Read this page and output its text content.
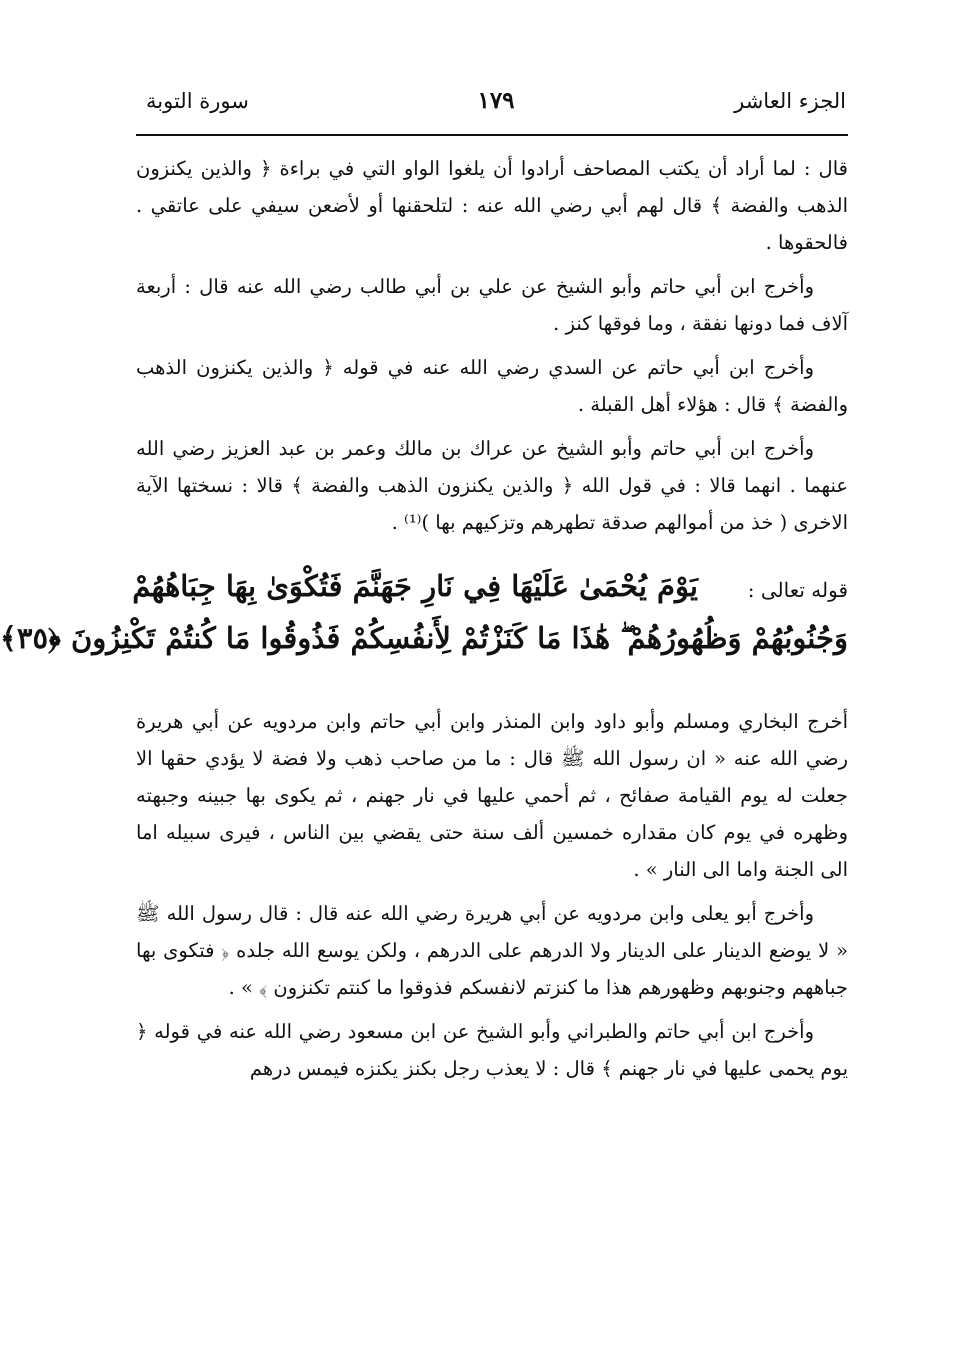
الجزء العاشر
١٧٩
سورة التوبة

قال : لما أراد أن يكتب المصاحف أرادوا أن يلغوا الواو التي في براءة ﴿ والذين يكنزون الذهب والفضة ﴾ قال لهم أبي رضي الله عنه : لتلحقنها أو لأضعن سيفي على عاتقي . فالحقوها .

وأخرج ابن أبي حاتم وأبو الشيخ عن علي بن أبي طالب رضي الله عنه قال : أربعة آلاف فما دونها نفقة ، وما فوقها كنز .

وأخرج ابن أبي حاتم عن السدي رضي الله عنه في قوله ﴿ والذين يكنزون الذهب والفضة ﴾ قال : هؤلاء أهل القبلة .

وأخرج ابن أبي حاتم وأبو الشيخ عن عراك بن مالك وعمر بن عبد العزيز رضي الله عنهما . انهما قالا : في قول الله ﴿ والذين يكنزون الذهب والفضة ﴾ قالا : نسختها الآية الاخرى ( خذ من أموالهم صدقة تطهرهم وتزكيهم بها )⁽¹⁾ .

قوله تعالى :
يَوْمَ يُحْمَىٰ عَلَيْهَا فِي نَارِ جَهَنَّمَ فَتُكْوَىٰ بِهَا جِبَاهُهُمْ
وَجُنُوبُهُمْ وَظُهُورُهُمْ ۖ هَٰذَا مَا كَنَزْتُمْ لِأَنفُسِكُمْ فَذُوقُوا مَا كُنتُمْ تَكْنِزُونَ ﴿٣٥﴾

أخرج البخاري ومسلم وأبو داود وابن المنذر وابن أبي حاتم وابن مردويه عن أبي هريرة رضي الله عنه « ان رسول الله ﷺ قال : ما من صاحب ذهب ولا فضة لا يؤدي حقها الا جعلت له يوم القيامة صفائح ، ثم أحمي عليها في نار جهنم ، ثم يكوى بها جبينه وجبهته وظهره في يوم كان مقداره خمسين ألف سنة حتى يقضي بين الناس ، فيرى سبيله اما الى الجنة واما الى النار » .

وأخرج أبو يعلى وابن مردويه عن أبي هريرة رضي الله عنه قال : قال رسول الله ﷺ « لا يوضع الدينار على الدينار ولا الدرهم على الدرهم ، ولكن يوسع الله جلده ﴿ فتكوى بها جباههم وجنوبهم وظهورهم هذا ما كنزتم لانفسكم فذوقوا ما كنتم تكنزون ﴾ » .

وأخرج ابن أبي حاتم والطبراني وأبو الشيخ عن ابن مسعود رضي الله عنه في قوله ﴿ يوم يحمى عليها في نار جهنم ﴾ قال : لا يعذب رجل بكنز يكنزه فيمس درهم
